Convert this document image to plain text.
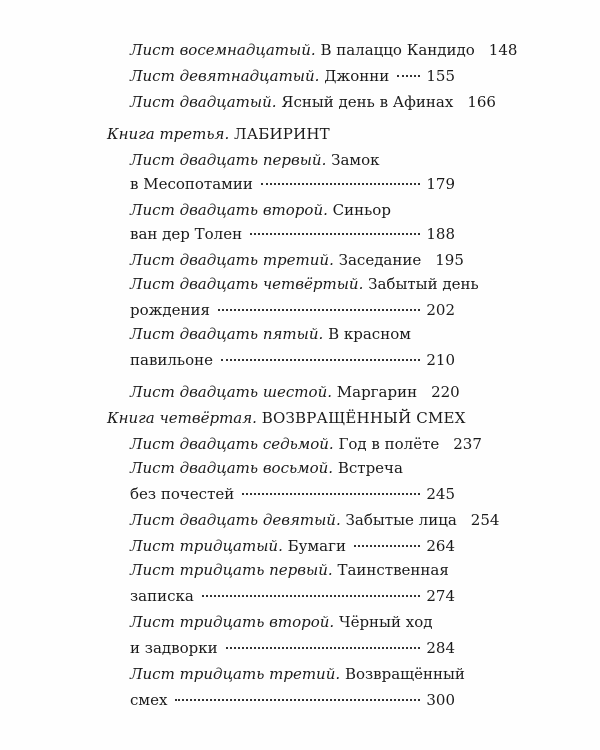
Лист восемнадцатый.
В палаццо Кандидо 148
Лист девятнадцатый.
Джонни 155
Лист двадцатый.
Ясный день в Афинах 166
Книга третья.
ЛАБИРИНТ
Лист двадцать первый.
Замок
в Месопотамии	179
Лист двадцать второй.
Синьор
ван дер Толен	188
Лист двадцать третий.
Заседание 195
Лист двадцать четвёртый.
Забытый день
рождения	202
Лист двадцать пятый.
В красном
павильоне	210
Лист двадцать шестой.
Маргарин 220
Книга четвёртая.
ВОЗВРАЩЁННЫЙ СМЕХ
Лист двадцать седьмой.
Год в полёте 237
Лист двадцать восьмой.
Встреча
без почестей	245
Лист двадцать девятый.
Забытые лица 254
Лист тридцатый.
Бумаги	264
Лист тридцать первый.
Таинственная
записка	274
Лист тридцать второй.
Чёрный ход
и задворки	284
Лист тридцать третий.
Возвращённый
смех	300
